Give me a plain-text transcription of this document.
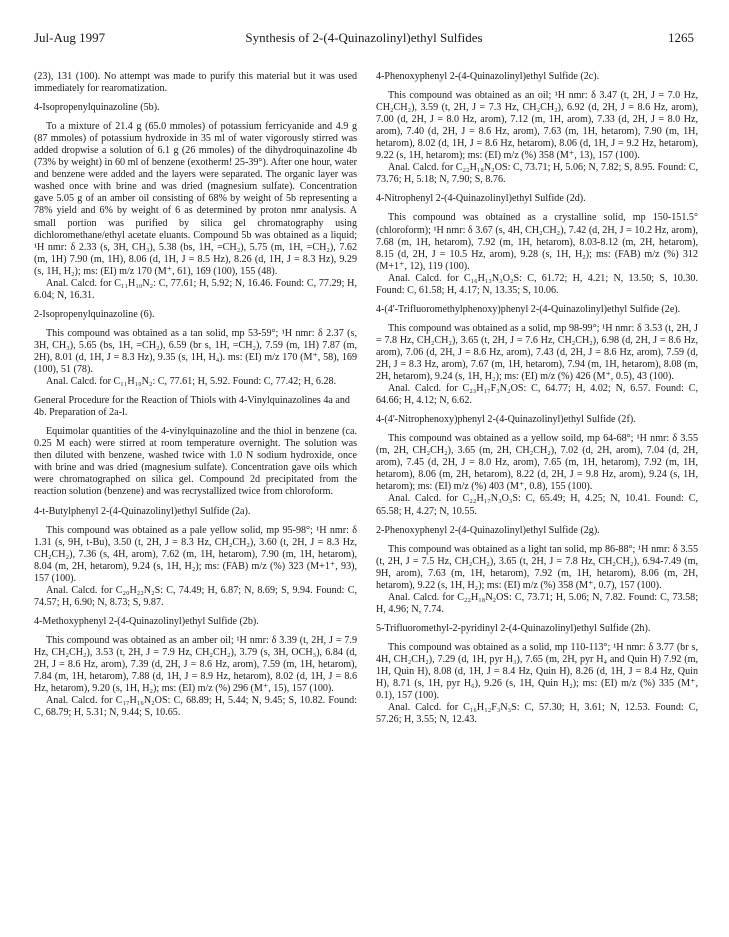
Jul-Aug 1997	Synthesis of 2-(4-Quinazolinyl)ethyl Sulfides	1265

(23), 131 (100). No attempt was made to purify this material but it was used immediately for rearomatization.

4-Isopropenylquinazoline (5b).

To a mixture of 21.4 g (65.0 mmoles) of potassium ferricyanide and 4.9 g (87 mmoles) of potassium hydroxide in 35 ml of water vigorously stirred was added dropwise a solution of 6.1 g (26 mmoles) of the dihydroquinazoline 4b (73% by weight) in 60 ml of benzene (exotherm! 25-39°). After one hour, water and benzene were added and the layers were separated. The organic layer was washed once with brine and was dried (magnesium sulfate). Concentration gave 5.05 g of an amber oil consisting of 68% by weight of 5b representing a 78% yield and 6% by weight of 6 as determined by proton nmr analysis. A small portion was purified by silica gel chromatography using dichloromethane/ethyl acetate eluants. Compound 5b was obtained as a liquid; ¹H nmr: δ 2.33 (s, 3H, CH₃), 5.38 (bs, 1H, =CH₂), 5.75 (m, 1H, =CH₂), 7.62 (m, 1H) 7.90 (m, 1H), 8.06 (d, 1H, J = 8.5 Hz), 8.26 (d, 1H, J = 8.3 Hz), 9.29 (s, 1H, H₂); ms: (EI) m/z 170 (M⁺, 61), 169 (100), 155 (48).

Anal. Calcd. for C₁₁H₁₀N₂: C, 77.61; H, 5.92; N, 16.46. Found: C, 77.29; H, 6.04; N, 16.31.

2-Isopropenylquinazoline (6).

This compound was obtained as a tan solid, mp 53-59°; ¹H nmr: δ 2.37 (s, 3H, CH₃), 5.65 (bs, 1H, =CH₂), 6.59 (br s, 1H, =CH₂), 7.59 (m, 1H) 7.87 (m, 2H), 8.01 (d, 1H, J = 8.3 Hz), 9.35 (s, 1H, H₄). ms: (EI) m/z 170 (M⁺, 58), 169 (100), 51 (78).

Anal. Calcd. for C₁₁H₁₀N₂: C, 77.61; H, 5.92. Found: C, 77.42; H, 6.28.

General Procedure for the Reaction of Thiols with 4-Vinylquinazolines 4a and 4b. Preparation of 2a-l.

Equimolar quantities of the 4-vinylquinazoline and the thiol in benzene (ca. 0.25 M each) were stirred at room temperature overnight. The solution was then diluted with benzene, washed twice with 1.0 N sodium hydroxide, once with brine and was dried (magnesium sulfate). Concentration gave oils which were chromatographed on silica gel. Compound 2d precipitated from the reaction solution (benzene) and was recrystallized twice from chloroform.

4-t-Butylphenyl 2-(4-Quinazolinyl)ethyl Sulfide (2a).

This compound was obtained as a pale yellow solid, mp 95-98°; ¹H nmr: δ 1.31 (s, 9H, t-Bu), 3.50 (t, 2H, J = 8.3 Hz, CH₂CH₂), 3.60 (t, 2H, J = 8.3 Hz, CH₂CH₂), 7.36 (s, 4H, arom), 7.62 (m, 1H, hetarom), 7.90 (m, 1H, hetarom), 8.04 (m, 2H, hetarom), 9.24 (s, 1H, H₂); ms: (FAB) m/z (%) 323 (M+1⁺, 93), 157 (100).

Anal. Calcd. for C₂₀H₂₂N₂S: C, 74.49; H, 6.87; N, 8.69; S, 9.94. Found: C, 74.57; H, 6.90; N, 8.73; S, 9.87.

4-Methoxyphenyl 2-(4-Quinazolinyl)ethyl Sulfide (2b).

This compound was obtained as an amber oil; ¹H nmr: δ 3.39 (t, 2H, J = 7.9 Hz, CH₂CH₂), 3.53 (t, 2H, J = 7.9 Hz, CH₂CH₂), 3.79 (s, 3H, OCH₃), 6.84 (d, 2H, J = 8.6 Hz, arom), 7.39 (d, 2H, J = 8.6 Hz, arom), 7.59 (m, 1H, hetarom), 7.84 (m, 1H, hetarom), 7.88 (d, 1H, J = 8.9 Hz, hetarom), 8.02 (d, 1H, J = 8.6 Hz, hetarom), 9.20 (s, 1H, H₂); ms: (EI) m/z (%) 296 (M⁺, 15), 157 (100).

Anal. Calcd. for C₁₇H₁₆N₂OS: C, 68.89; H, 5.44; N, 9.45; S, 10.82. Found: C, 68.79; H, 5.31; N, 9.44; S, 10.65.

4-Phenoxyphenyl 2-(4-Quinazolinyl)ethyl Sulfide (2c).

This compound was obtained as an oil; ¹H nmr: δ 3.47 (t, 2H, J = 7.0 Hz, CH₂CH₂), 3.59 (t, 2H, J = 7.3 Hz, CH₂CH₂), 6.92 (d, 2H, J = 8.6 Hz, arom), 7.00 (d, 2H, J = 8.0 Hz, arom), 7.12 (m, 1H, arom), 7.33 (d, 2H, J = 8.0 Hz, arom), 7.40 (d, 2H, J = 8.6 Hz, arom), 7.63 (m, 1H, hetarom), 7.90 (m, 1H, hetarom), 8.02 (d, 1H, J = 8.6 Hz, hetarom), 8.06 (d, 1H, J = 9.2 Hz, hetarom), 9.22 (s, 1H, hetarom); ms: (EI) m/z (%) 358 (M⁺, 13), 157 (100).

Anal. Calcd. for C₂₂H₁₈N₂OS: C, 73.71; H, 5.06; N, 7.82; S, 8.95. Found: C, 73.76; H, 5.18; N, 7.90; S, 8.76.

4-Nitrophenyl 2-(4-Quinazolinyl)ethyl Sulfide (2d).

This compound was obtained as a crystalline solid, mp 150-151.5° (chloroform); ¹H nmr: δ 3.67 (s, 4H, CH₂CH₂), 7.42 (d, 2H, J = 10.2 Hz, arom), 7.68 (m, 1H, hetarom), 7.92 (m, 1H, hetarom), 8.03-8.12 (m, 2H, hetarom), 8.15 (d, 2H, J = 10.5 Hz, arom), 9.28 (s, 1H, H₂); ms: (FAB) m/z (%) 312 (M+1⁺, 12), 119 (100).

Anal. Calcd. for C₁₆H₁₃N₃O₂S: C, 61.72; H, 4.21; N, 13.50; S, 10.30. Found: C, 61.58; H, 4.17; N, 13.35; S, 10.06.

4-(4'-Trifluoromethylphenoxy)phenyl 2-(4-Quinazolinyl)ethyl Sulfide (2e).

This compound was obtained as a solid, mp 98-99°; ¹H nmr: δ 3.53 (t, 2H, J = 7.8 Hz, CH₂CH₂), 3.65 (t, 2H, J = 7.6 Hz, CH₂CH₂), 6.98 (d, 2H, J = 8.6 Hz, arom), 7.06 (d, 2H, J = 8.6 Hz, arom), 7.43 (d, 2H, J = 8.6 Hz, arom), 7.59 (d, 2H, J = 8.3 Hz, arom), 7.67 (m, 1H, hetarom), 7.94 (m, 1H, hetarom), 8.08 (m, 2H, hetarom), 9.24 (s, 1H, H₂); ms: (EI) m/z (%) 426 (M⁺, 0.5), 43 (100).

Anal. Calcd. for C₂₃H₁₇F₃N₂OS: C, 64.77; H, 4.02; N, 6.57. Found: C, 64.66; H, 4.12; N, 6.62.

4-(4'-Nitrophenoxy)phenyl 2-(4-Quinazolinyl)ethyl Sulfide (2f).

This compound was obtained as a yellow soild, mp 64-68°; ¹H nmr: δ 3.55 (m, 2H, CH₂CH₂), 3.65 (m, 2H, CH₂CH₂), 7.02 (d, 2H, arom), 7.04 (d, 2H, arom), 7.45 (d, 2H, J = 8.0 Hz, arom), 7.65 (m, 1H, hetarom), 7.92 (m, 1H, hetarom), 8.06 (m, 2H, hetarom), 8.22 (d, 2H, J = 9.8 Hz, arom), 9.24 (s, 1H, hetarom); ms: (EI) m/z (%) 403 (M⁺, 0.8), 155 (100).

Anal. Calcd. for C₂₂H₁₇N₃O₃S: C, 65.49; H, 4.25; N, 10.41. Found: C, 65.58; H, 4.27; N, 10.55.

2-Phenoxyphenyl 2-(4-Quinazolinyl)ethyl Sulfide (2g).

This compound was obtained as a light tan solid, mp 86-88°; ¹H nmr: δ 3.55 (t, 2H, J = 7.5 Hz, CH₂CH₂), 3.65 (t, 2H, J = 7.8 Hz, CH₂CH₂), 6.94-7.49 (m, 9H, arom), 7.63 (m, 1H, hetarom), 7.92 (m, 1H, hetarom), 8.06 (m, 2H, hetarom), 9.22 (s, 1H, H₂); ms: (EI) m/z (%) 358 (M⁺, 0.7), 157 (100).

Anal. Calcd. for C₂₂H₁₈N₂OS: C, 73.71; H, 5.06; N, 7.82. Found: C, 73.58; H, 4.96; N, 7.74.

5-Trifluoromethyl-2-pyridinyl 2-(4-Quinazolinyl)ethyl Sulfide (2h).

This compound was obtained as a solid, mp 110-113°; ¹H nmr: δ 3.77 (br s, 4H, CH₂CH₂), 7.29 (d, 1H, pyr H₃), 7.65 (m, 2H, pyr H₄ and Quin H) 7.92 (m, 1H, Quin H), 8.08 (d, 1H, J = 8.4 Hz, Quin H), 8.26 (d, 1H, J = 8.4 Hz, Quin H), 8.71 (s, 1H, pyr H₆), 9.26 (s, 1H, Quin H₂); ms: (EI) m/z (%) 335 (M⁺, 0.1), 157 (100).

Anal. Calcd. for C₁₆H₁₂F₃N₃S: C, 57.30; H, 3.61; N, 12.53. Found: C, 57.26; H, 3.55; N, 12.43.
